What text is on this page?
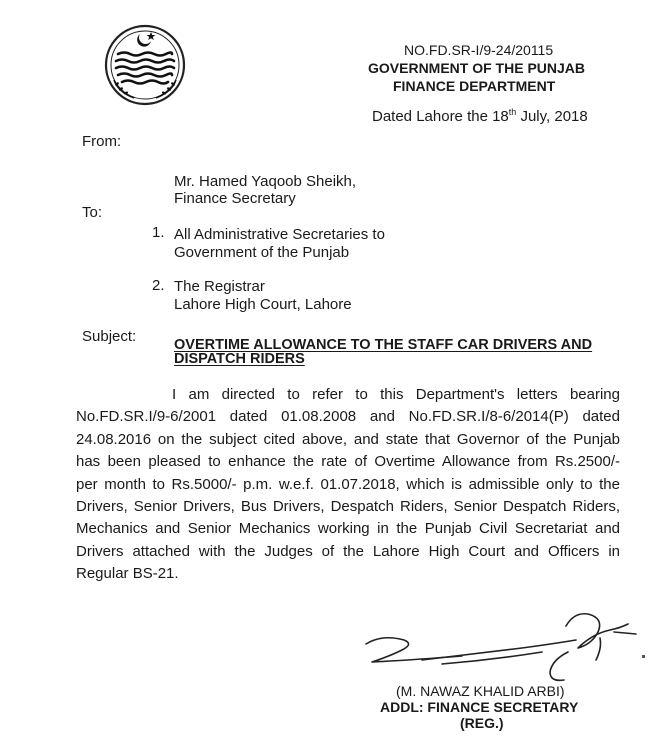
NO.FD.SR-I/9-24/20115
GOVERNMENT OF THE PUNJAB
FINANCE DEPARTMENT
Dated Lahore the 18th July, 2018
From:
Mr. Hamed Yaqoob Sheikh,
Finance Secretary
To:
1. All Administrative Secretaries to
Government of the Punjab
2. The Registrar
Lahore High Court, Lahore
Subject:	OVERTIME ALLOWANCE TO THE STAFF CAR DRIVERS AND
DISPATCH RIDERS
I am directed to refer to this Department's letters bearing
No.FD.SR.I/9-6/2001 dated 01.08.2008 and No.FD.SR.I/8-6/2014(P) dated
24.08.2016 on the subject cited above, and state that Governor of the Punjab
has been pleased to enhance the rate of Overtime Allowance from Rs.2500/-
per month to Rs.5000/- p.m. w.e.f. 01.07.2018, which is admissible only to the
Drivers, Senior Drivers, Bus Drivers, Despatch Riders, Senior Despatch Riders,
Mechanics and Senior Mechanics working in the Punjab Civil Secretariat and
Drivers attached with the Judges of the Lahore High Court and Officers in
Regular BS-21.
(M. NAWAZ KHALID ARBI)
ADDL: FINANCE SECRETARY
(REG.)
